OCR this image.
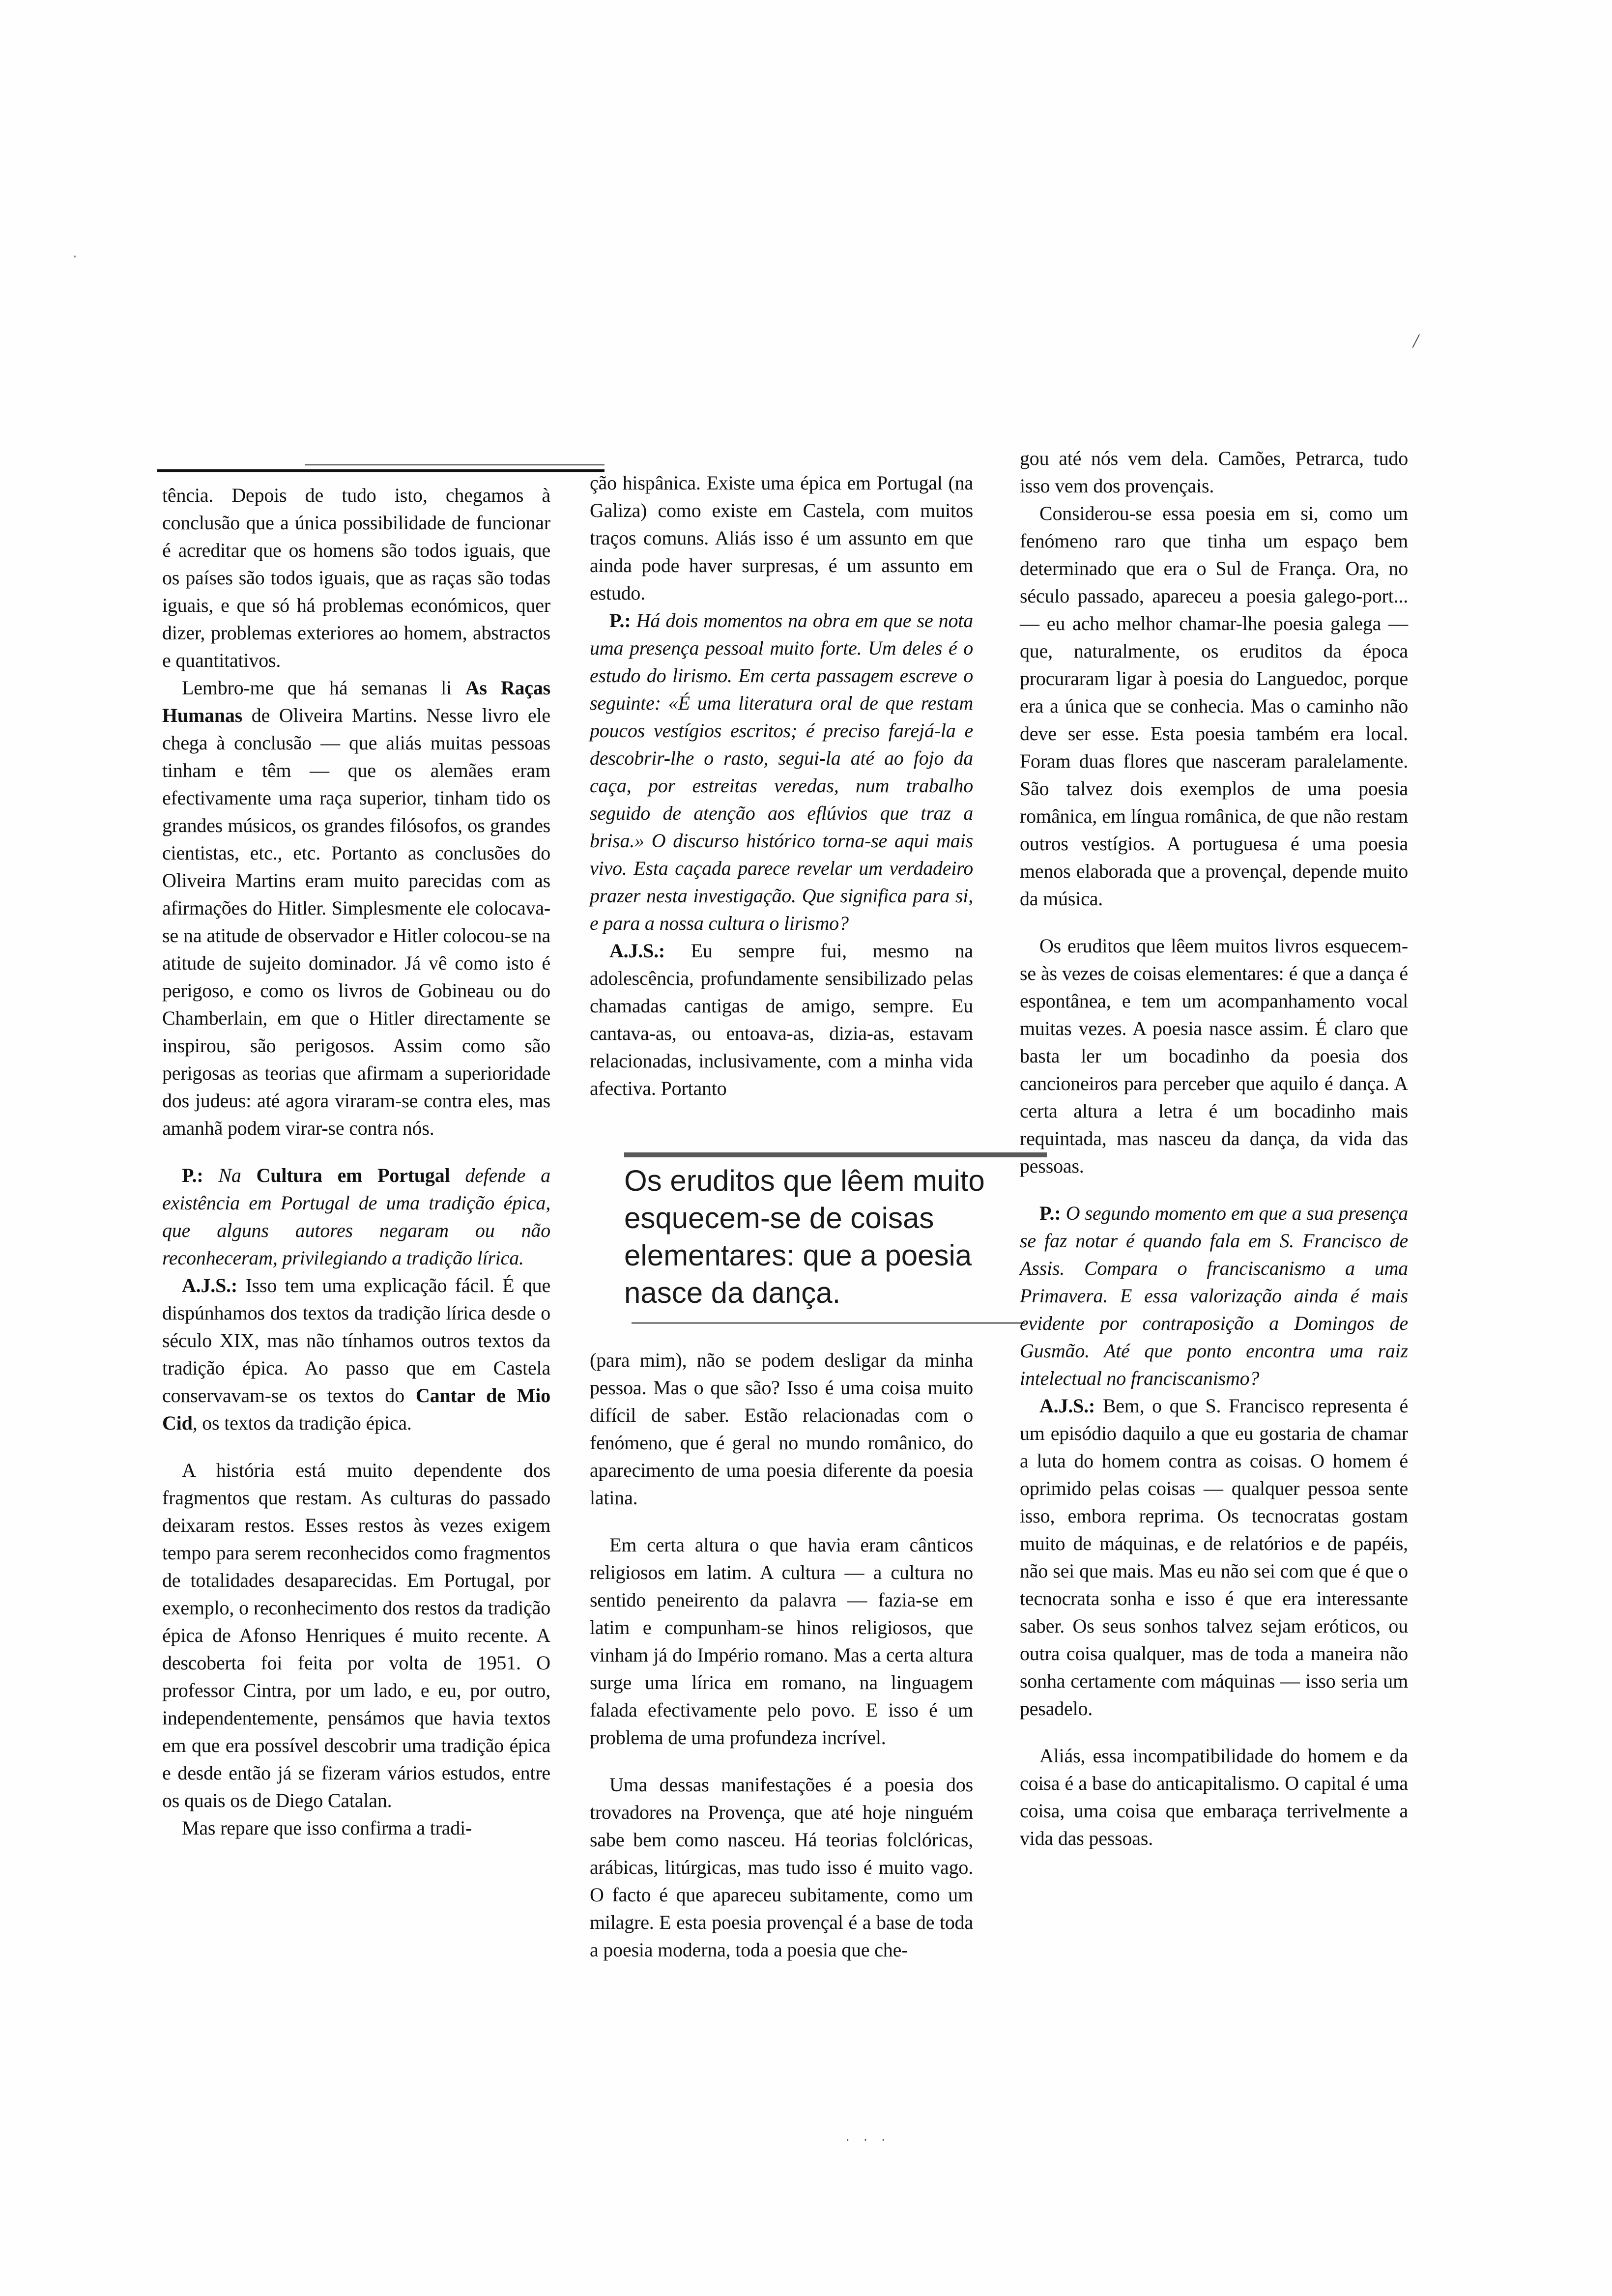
/

tência. Depois de tudo isto, chegamos à conclusão que a única possibilidade de funcionar é acreditar que os homens são todos iguais, que os países são todos iguais, que as raças são todas iguais, e que só há problemas económicos, quer dizer, problemas exteriores ao homem, abstractos e quantitativos.

Lembro-me que há semanas li As Raças Humanas de Oliveira Martins. Nesse livro ele chega à conclusão — que aliás muitas pessoas tinham e têm — que os alemães eram efectivamente uma raça superior, tinham tido os grandes músicos, os grandes filósofos, os grandes cientistas, etc., etc. Portanto as conclusões do Oliveira Martins eram muito parecidas com as afirmações do Hitler. Simplesmente ele colocava-se na atitude de observador e Hitler colocou-se na atitude de sujeito dominador. Já vê como isto é perigoso, e como os livros de Gobineau ou do Chamberlain, em que o Hitler directamente se inspirou, são perigosos. Assim como são perigosas as teorias que afirmam a superioridade dos judeus: até agora viraram-se contra eles, mas amanhã podem virar-se contra nós.

P.: Na Cultura em Portugal defende a existência em Portugal de uma tradição épica, que alguns autores negaram ou não reconheceram, privilegiando a tradição lírica.

A.J.S.: Isso tem uma explicação fácil. É que dispúnhamos dos textos da tradição lírica desde o século XIX, mas não tínhamos outros textos da tradição épica. Ao passo que em Castela conservavam-se os textos do Cantar de Mio Cid, os textos da tradição épica.

A história está muito dependente dos fragmentos que restam. As culturas do passado deixaram restos. Esses restos às vezes exigem tempo para serem reconhecidos como fragmentos de totalidades desaparecidas. Em Portugal, por exemplo, o reconhecimento dos restos da tradição épica de Afonso Henriques é muito recente. A descoberta foi feita por volta de 1951. O professor Cintra, por um lado, e eu, por outro, independentemente, pensámos que havia textos em que era possível descobrir uma tradição épica e desde então já se fizeram vários estudos, entre os quais os de Diego Catalan.

Mas repare que isso confirma a tradi-

ção hispânica. Existe uma épica em Portugal (na Galiza) como existe em Castela, com muitos traços comuns. Aliás isso é um assunto em que ainda pode haver surpresas, é um assunto em estudo.

P.: Há dois momentos na obra em que se nota uma presença pessoal muito forte. Um deles é o estudo do lirismo. Em certa passagem escreve o seguinte: «É uma literatura oral de que restam poucos vestígios escritos; é preciso farejá-la e descobrir-lhe o rasto, segui-la até ao fojo da caça, por estreitas veredas, num trabalho seguido de atenção aos eflúvios que traz a brisa.» O discurso histórico torna-se aqui mais vivo. Esta caçada parece revelar um verdadeiro prazer nesta investigação. Que significa para si, e para a nossa cultura o lirismo?

A.J.S.: Eu sempre fui, mesmo na adolescência, profundamente sensibilizado pelas chamadas cantigas de amigo, sempre. Eu cantava-as, ou entoava-as, dizia-as, estavam relacionadas, inclusivamente, com a minha vida afectiva. Portanto

Os eruditos que lêem muito esquecem-se de coisas elementares: que a poesia nasce da dança.

(para mim), não se podem desligar da minha pessoa. Mas o que são? Isso é uma coisa muito difícil de saber. Estão relacionadas com o fenómeno, que é geral no mundo românico, do aparecimento de uma poesia diferente da poesia latina.

Em certa altura o que havia eram cânticos religiosos em latim. A cultura — a cultura no sentido peneirento da palavra — fazia-se em latim e compunham-se hinos religiosos, que vinham já do Império romano. Mas a certa altura surge uma lírica em romano, na linguagem falada efectivamente pelo povo. E isso é um problema de uma profundeza incrível.

Uma dessas manifestações é a poesia dos trovadores na Provença, que até hoje ninguém sabe bem como nasceu. Há teorias folclóricas, arábicas, litúrgicas, mas tudo isso é muito vago. O facto é que apareceu subitamente, como um milagre. E esta poesia provençal é a base de toda a poesia moderna, toda a poesia que che-

gou até nós vem dela. Camões, Petrarca, tudo isso vem dos provençais.

Considerou-se essa poesia em si, como um fenómeno raro que tinha um espaço bem determinado que era o Sul de França. Ora, no século passado, apareceu a poesia galego-port... — eu acho melhor chamar-lhe poesia galega — que, naturalmente, os eruditos da época procuraram ligar à poesia do Languedoc, porque era a única que se conhecia. Mas o caminho não deve ser esse. Esta poesia também era local. Foram duas flores que nasceram paralelamente. São talvez dois exemplos de uma poesia românica, em língua românica, de que não restam outros vestígios. A portuguesa é uma poesia menos elaborada que a provençal, depende muito da música.

Os eruditos que lêem muitos livros esquecem-se às vezes de coisas elementares: é que a dança é espontânea, e tem um acompanhamento vocal muitas vezes. A poesia nasce assim. É claro que basta ler um bocadinho da poesia dos cancioneiros para perceber que aquilo é dança. A certa altura a letra é um bocadinho mais requintada, mas nasceu da dança, da vida das pessoas.

P.: O segundo momento em que a sua presença se faz notar é quando fala em S. Francisco de Assis. Compara o franciscanismo a uma Primavera. E essa valorização ainda é mais evidente por contraposição a Domingos de Gusmão. Até que ponto encontra uma raiz intelectual no franciscanismo?

A.J.S.: Bem, o que S. Francisco representa é um episódio daquilo a que eu gostaria de chamar a luta do homem contra as coisas. O homem é oprimido pelas coisas — qualquer pessoa sente isso, embora reprima. Os tecnocratas gostam muito de máquinas, e de relatórios e de papéis, não sei que mais. Mas eu não sei com que é que o tecnocrata sonha e isso é que era interessante saber. Os seus sonhos talvez sejam eróticos, ou outra coisa qualquer, mas de toda a maneira não sonha certamente com máquinas — isso seria um pesadelo.

Aliás, essa incompatibilidade do homem e da coisa é a base do anticapitalismo. O capital é uma coisa, uma coisa que embaraça terrivelmente a vida das pessoas.

· · ·
